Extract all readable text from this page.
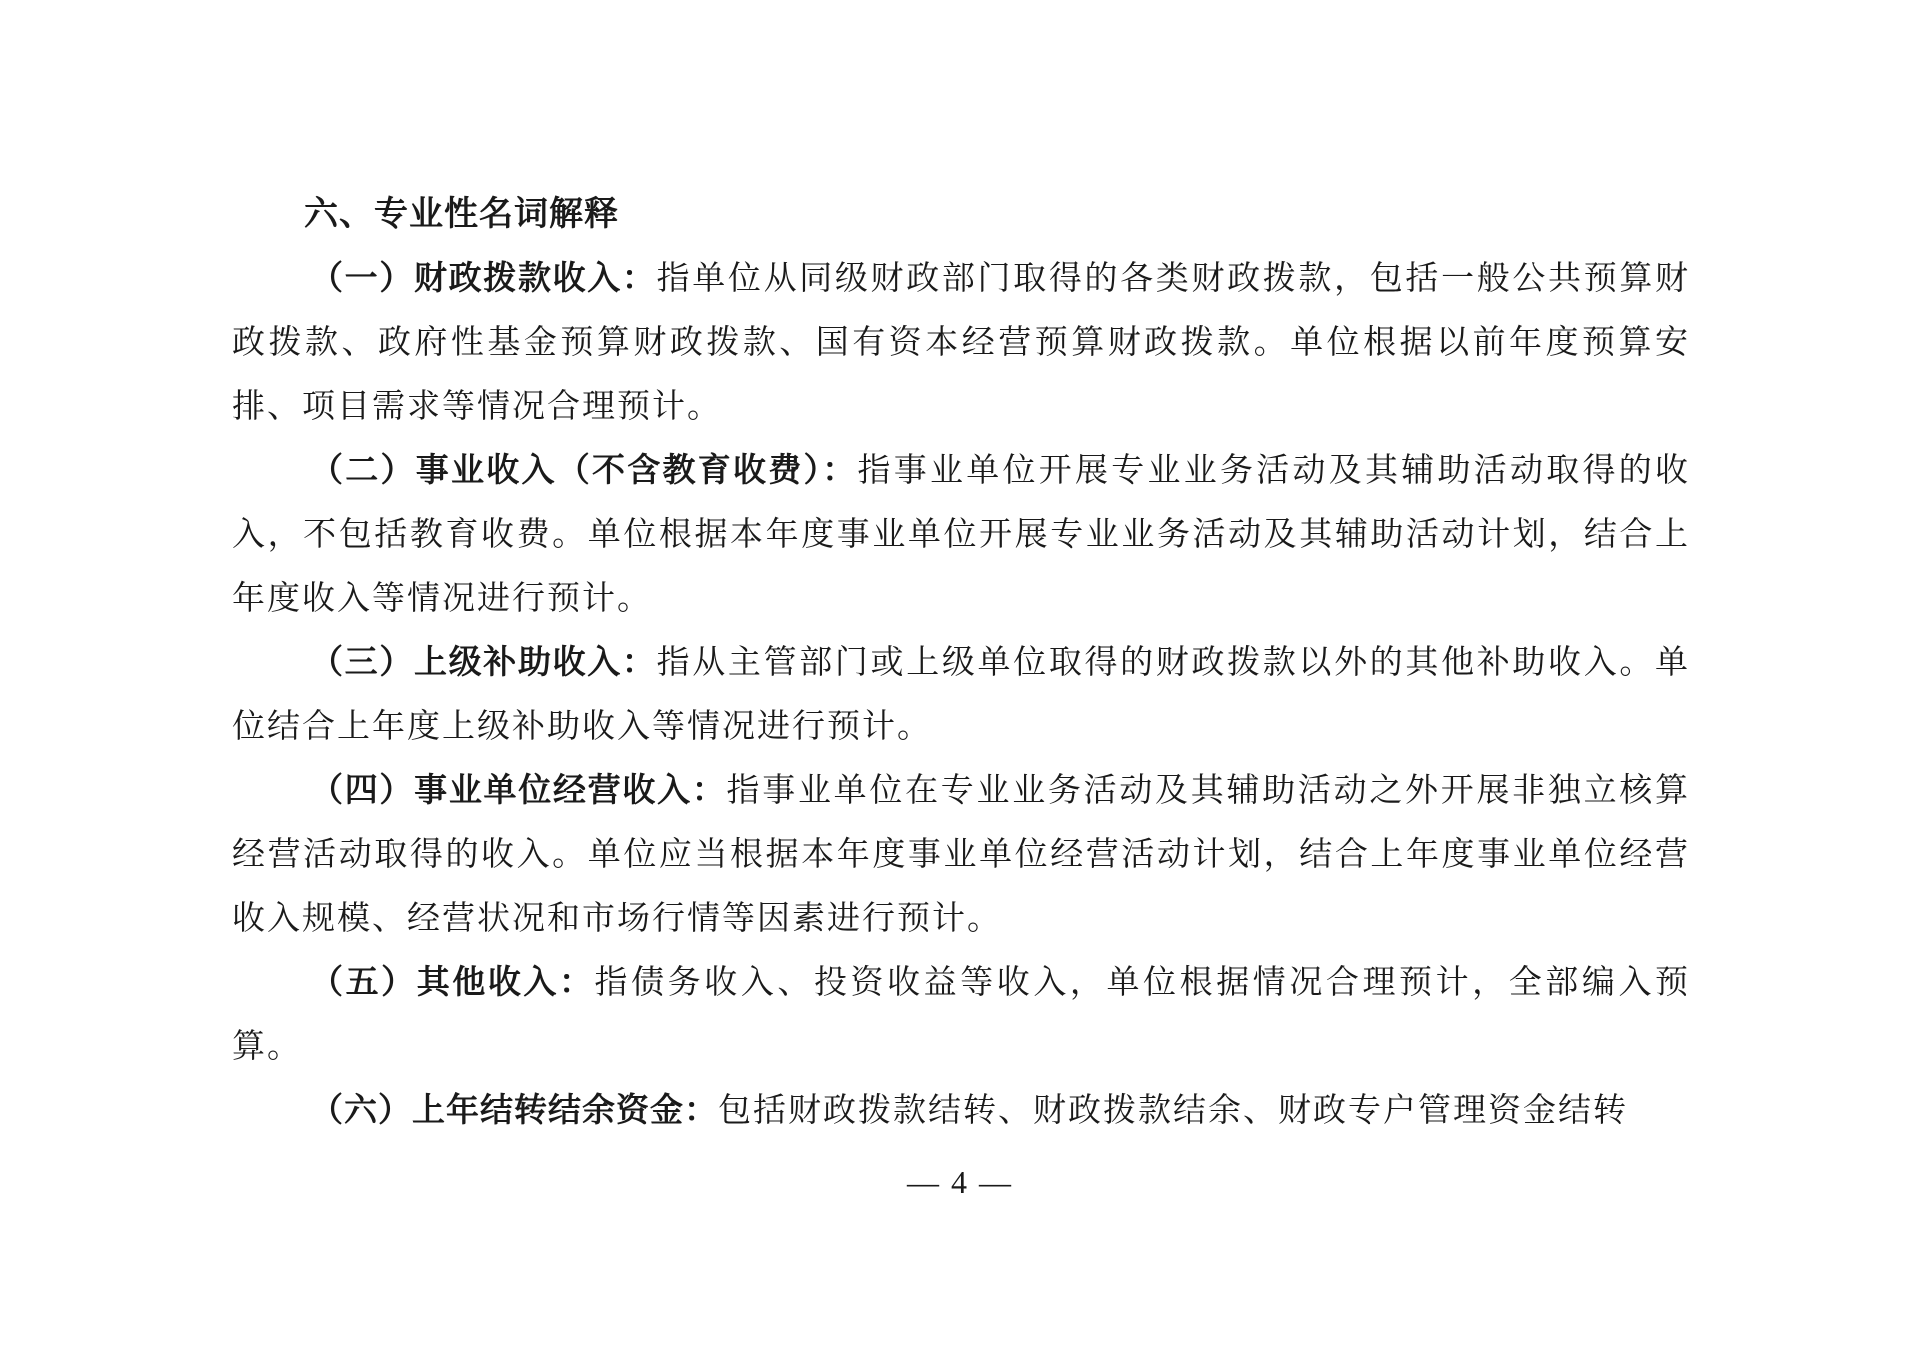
六、专业性名词解释

（一）财政拨款收入：指单位从同级财政部门取得的各类财政拨款，包括一般公共预算财政拨款、政府性基金预算财政拨款、国有资本经营预算财政拨款。单位根据以前年度预算安排、项目需求等情况合理预计。

（二）事业收入（不含教育收费）：指事业单位开展专业业务活动及其辅助活动取得的收入，不包括教育收费。单位根据本年度事业单位开展专业业务活动及其辅助活动计划，结合上年度收入等情况进行预计。

（三）上级补助收入：指从主管部门或上级单位取得的财政拨款以外的其他补助收入。单位结合上年度上级补助收入等情况进行预计。

（四）事业单位经营收入：指事业单位在专业业务活动及其辅助活动之外开展非独立核算经营活动取得的收入。单位应当根据本年度事业单位经营活动计划，结合上年度事业单位经营收入规模、经营状况和市场行情等因素进行预计。

（五）其他收入：指债务收入、投资收益等收入，单位根据情况合理预计，全部编入预算。

（六）上年结转结余资金：包括财政拨款结转、财政拨款结余、财政专户管理资金结转

— 4 —
